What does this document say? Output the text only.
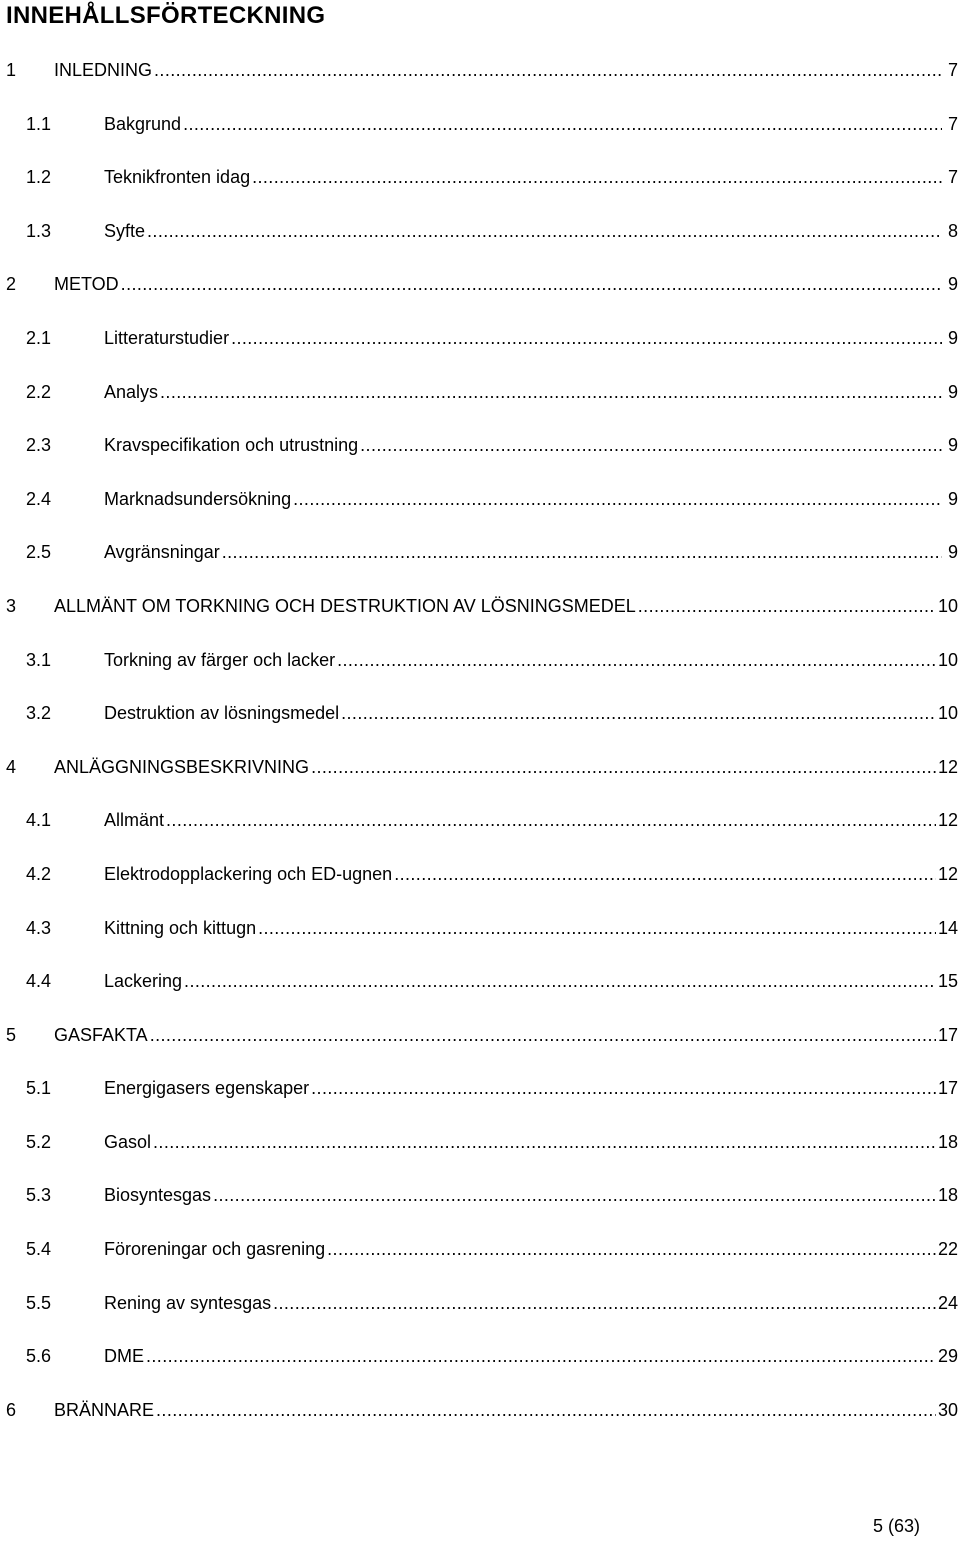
INNEHÅLLSFÖRTECKNING
1	INLEDNING .....	7
1.1	Bakgrund .....	7
1.2	Teknikfronten idag .....	7
1.3	Syfte .....	8
2	METOD .....	9
2.1	Litteraturstudier .....	9
2.2	Analys .....	9
2.3	Kravspecifikation och utrustning .....	9
2.4	Marknadsundersökning .....	9
2.5	Avgränsningar .....	9
3	ALLMÄNT OM TORKNING OCH DESTRUKTION AV LÖSNINGSMEDEL .....	10
3.1	Torkning av färger och lacker .....	10
3.2	Destruktion av lösningsmedel .....	10
4	ANLÄGGNINGSBESKRIVNING .....	12
4.1	Allmänt .....	12
4.2	Elektrodopplackering och ED-ugnen .....	12
4.3	Kittning och kittugn .....	14
4.4	Lackering .....	15
5	GASFAKTA .....	17
5.1	Energigasers egenskaper .....	17
5.2	Gasol .....	18
5.3	Biosyntesgas .....	18
5.4	Föroreningar och gasrening .....	22
5.5	Rening av syntesgas .....	24
5.6	DME .....	29
6	BRÄNNARE .....	30
5 (63)
